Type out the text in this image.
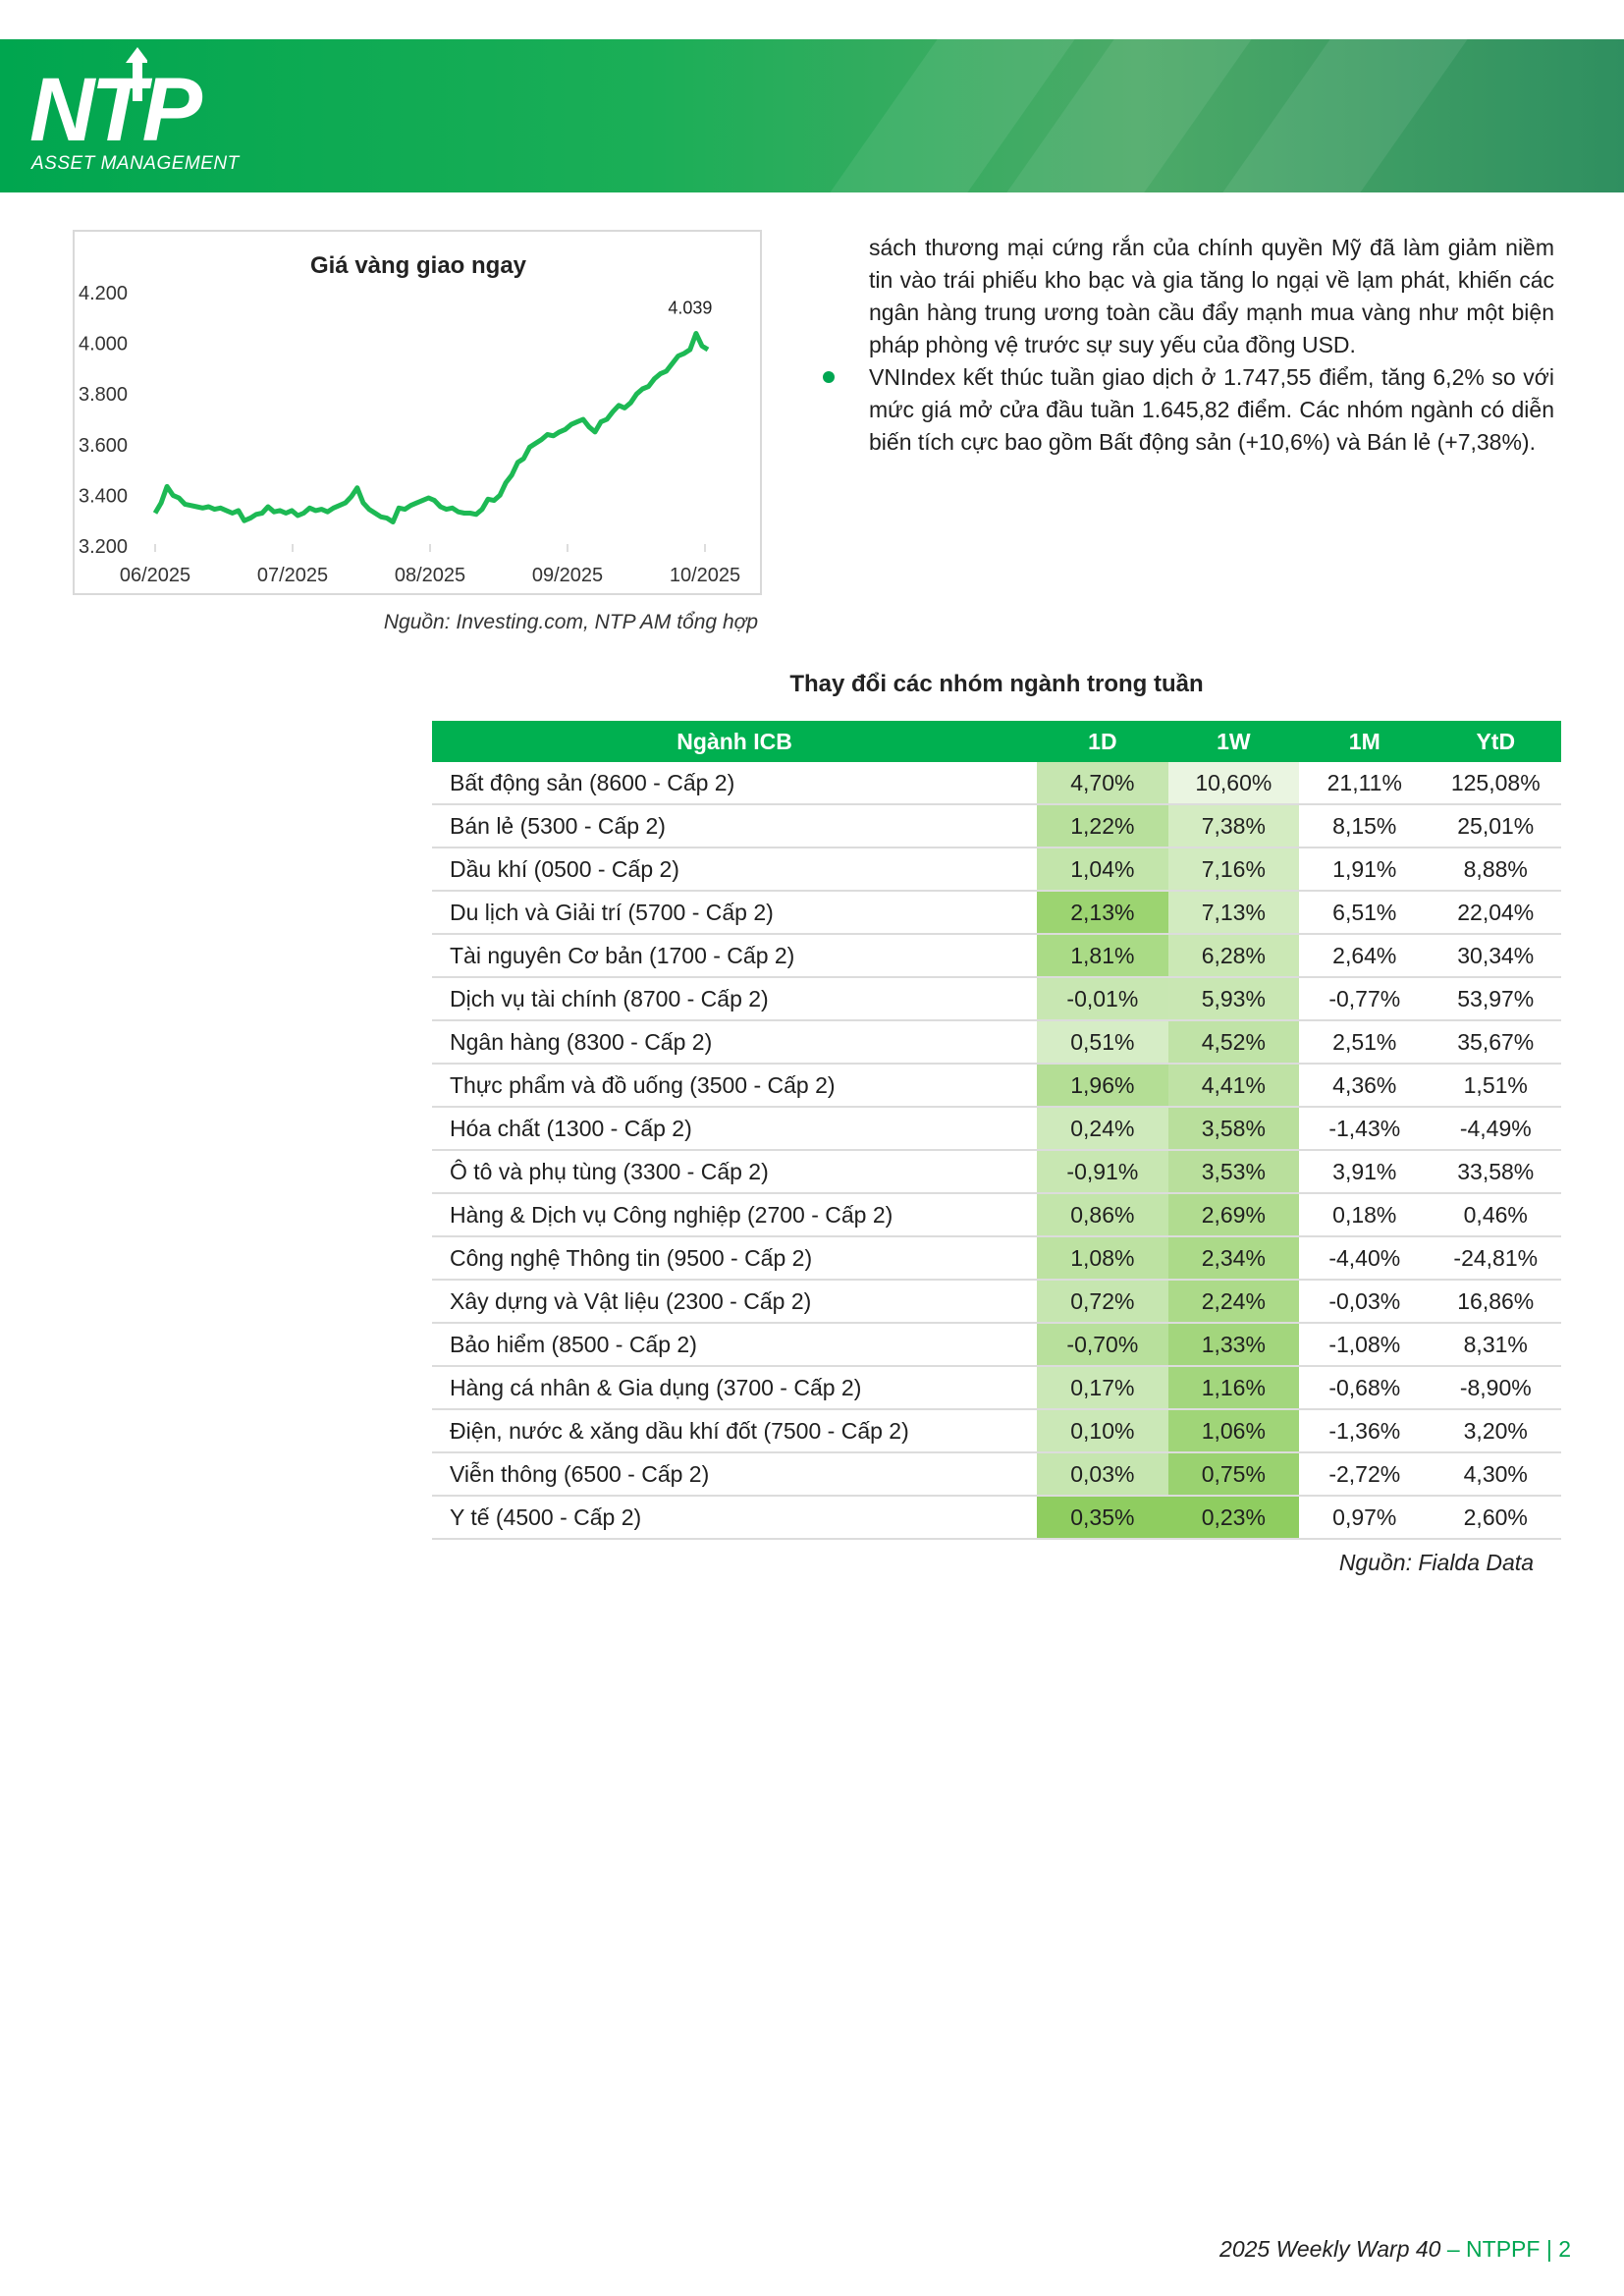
NTP
ASSET MANAGEMENT
Giá vàng giao ngay
3.200
3.400
3.600
3.800
4.000
4.200
06/2025	07/2025	08/2025	09/2025	10/2025
4.039
Nguồn: Investing.com, NTP AM tổng hợp
sách thương mại cứng rắn của chính quyền Mỹ đã làm giảm niềm tin vào trái phiếu kho bạc và gia tăng lo ngại về lạm phát, khiến các ngân hàng trung ương toàn cầu đẩy mạnh mua vàng như một biện pháp phòng vệ trước sự suy yếu của đồng USD.
VNIndex kết thúc tuần giao dịch ở 1.747,55 điểm, tăng 6,2% so với mức giá mở cửa đầu tuần 1.645,82 điểm. Các nhóm ngành có diễn biến tích cực bao gồm Bất động sản (+10,6%) và Bán lẻ (+7,38%).
Thay đổi các nhóm ngành trong tuần
Ngành ICB	1D	1W	1M	YtD
Bất động sản (8600 - Cấp 2)	4,70%	10,60%	21,11%	125,08%
Bán lẻ (5300 - Cấp 2)	1,22%	7,38%	8,15%	25,01%
Dầu khí (0500 - Cấp 2)	1,04%	7,16%	1,91%	8,88%
Du lịch và Giải trí (5700 - Cấp 2)	2,13%	7,13%	6,51%	22,04%
Tài nguyên Cơ bản (1700 - Cấp 2)	1,81%	6,28%	2,64%	30,34%
Dịch vụ tài chính (8700 - Cấp 2)	-0,01%	5,93%	-0,77%	53,97%
Ngân hàng (8300 - Cấp 2)	0,51%	4,52%	2,51%	35,67%
Thực phẩm và đồ uống (3500 - Cấp 2)	1,96%	4,41%	4,36%	1,51%
Hóa chất (1300 - Cấp 2)	0,24%	3,58%	-1,43%	-4,49%
Ô tô và phụ tùng (3300 - Cấp 2)	-0,91%	3,53%	3,91%	33,58%
Hàng & Dịch vụ Công nghiệp (2700 - Cấp 2)	0,86%	2,69%	0,18%	0,46%
Công nghệ Thông tin (9500 - Cấp 2)	1,08%	2,34%	-4,40%	-24,81%
Xây dựng và Vật liệu (2300 - Cấp 2)	0,72%	2,24%	-0,03%	16,86%
Bảo hiểm (8500 - Cấp 2)	-0,70%	1,33%	-1,08%	8,31%
Hàng cá nhân & Gia dụng (3700 - Cấp 2)	0,17%	1,16%	-0,68%	-8,90%
Điện, nước & xăng dầu khí đốt (7500 - Cấp 2)	0,10%	1,06%	-1,36%	3,20%
Viễn thông (6500 - Cấp 2)	0,03%	0,75%	-2,72%	4,30%
Y tế (4500 - Cấp 2)	0,35%	0,23%	0,97%	2,60%
Nguồn: Fialda Data
2025 Weekly Warp 40 – NTPPF | 2
